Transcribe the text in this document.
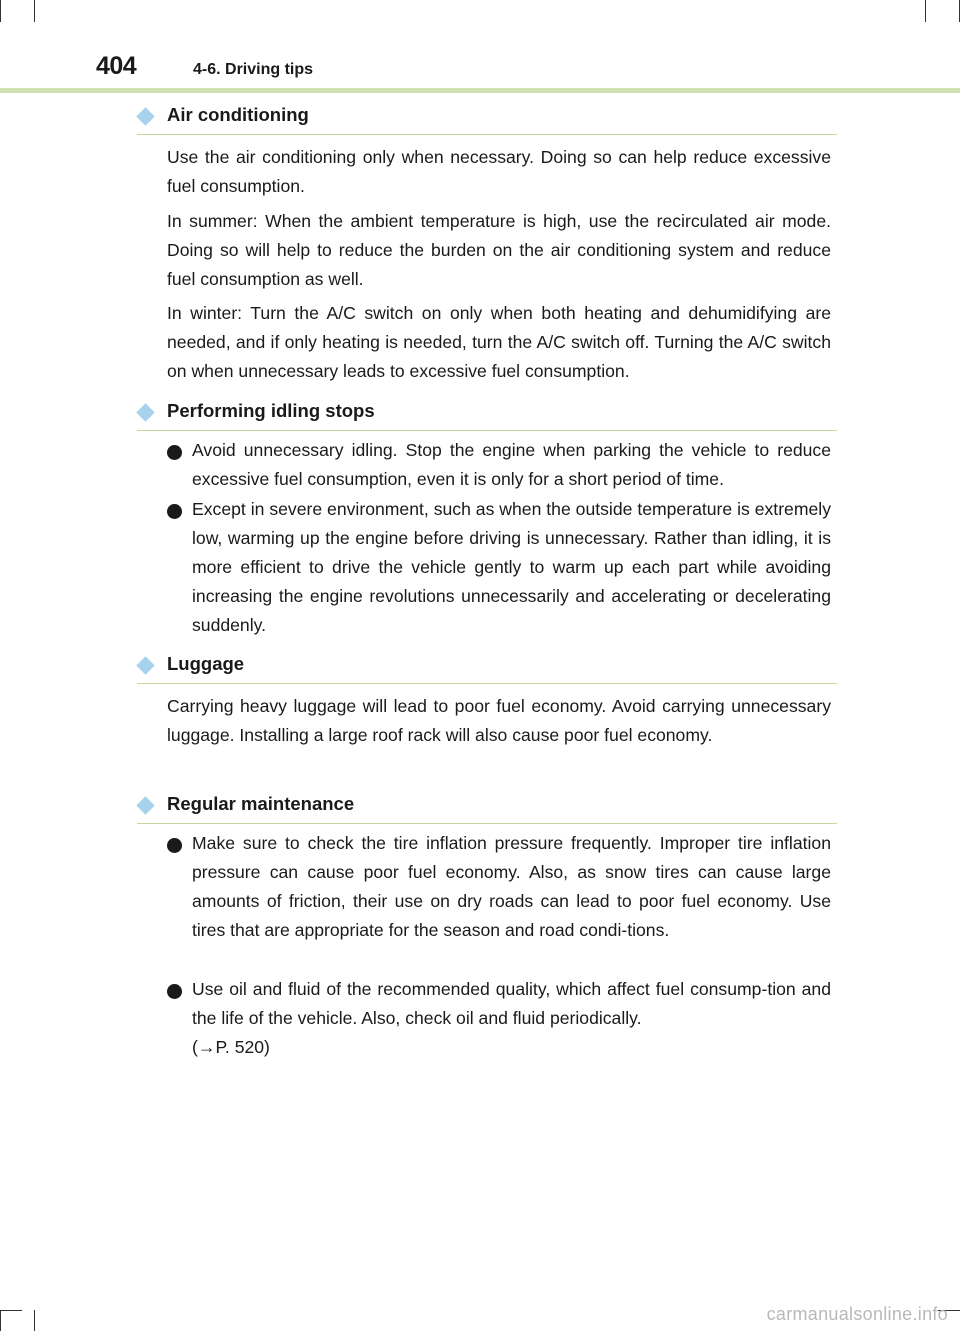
404	4-6. Driving tips
Air conditioning

Use the air conditioning only when necessary. Doing so can help reduce excessive fuel consumption.

In summer: When the ambient temperature is high, use the recirculated air mode. Doing so will help to reduce the burden on the air conditioning system and reduce fuel consumption as well.

In winter: Turn the A/C switch on only when both heating and dehumidifying are needed, and if only heating is needed, turn the A/C switch off. Turning the A/C switch on when unnecessary leads to excessive fuel consumption.

Performing idling stops

Avoid unnecessary idling. Stop the engine when parking the vehicle to reduce excessive fuel consumption, even it is only for a short period of time.

Except in severe environment, such as when the outside temperature is extremely low, warming up the engine before driving is unnecessary. Rather than idling, it is more efficient to drive the vehicle gently to warm up each part while avoiding increasing the engine revolutions unnecessarily and accelerating or decelerating suddenly.

Luggage

Carrying heavy luggage will lead to poor fuel economy. Avoid carrying unnecessary luggage. Installing a large roof rack will also cause poor fuel economy.

Regular maintenance

Make sure to check the tire inflation pressure frequently. Improper tire inflation pressure can cause poor fuel economy. Also, as snow tires can cause large amounts of friction, their use on dry roads can lead to poor fuel economy. Use tires that are appropriate for the season and road condi-tions.

Use oil and fluid of the recommended quality, which affect fuel consump-tion and the life of the vehicle. Also, check oil and fluid periodically.
(→P. 520)

carmanualsonline.info
